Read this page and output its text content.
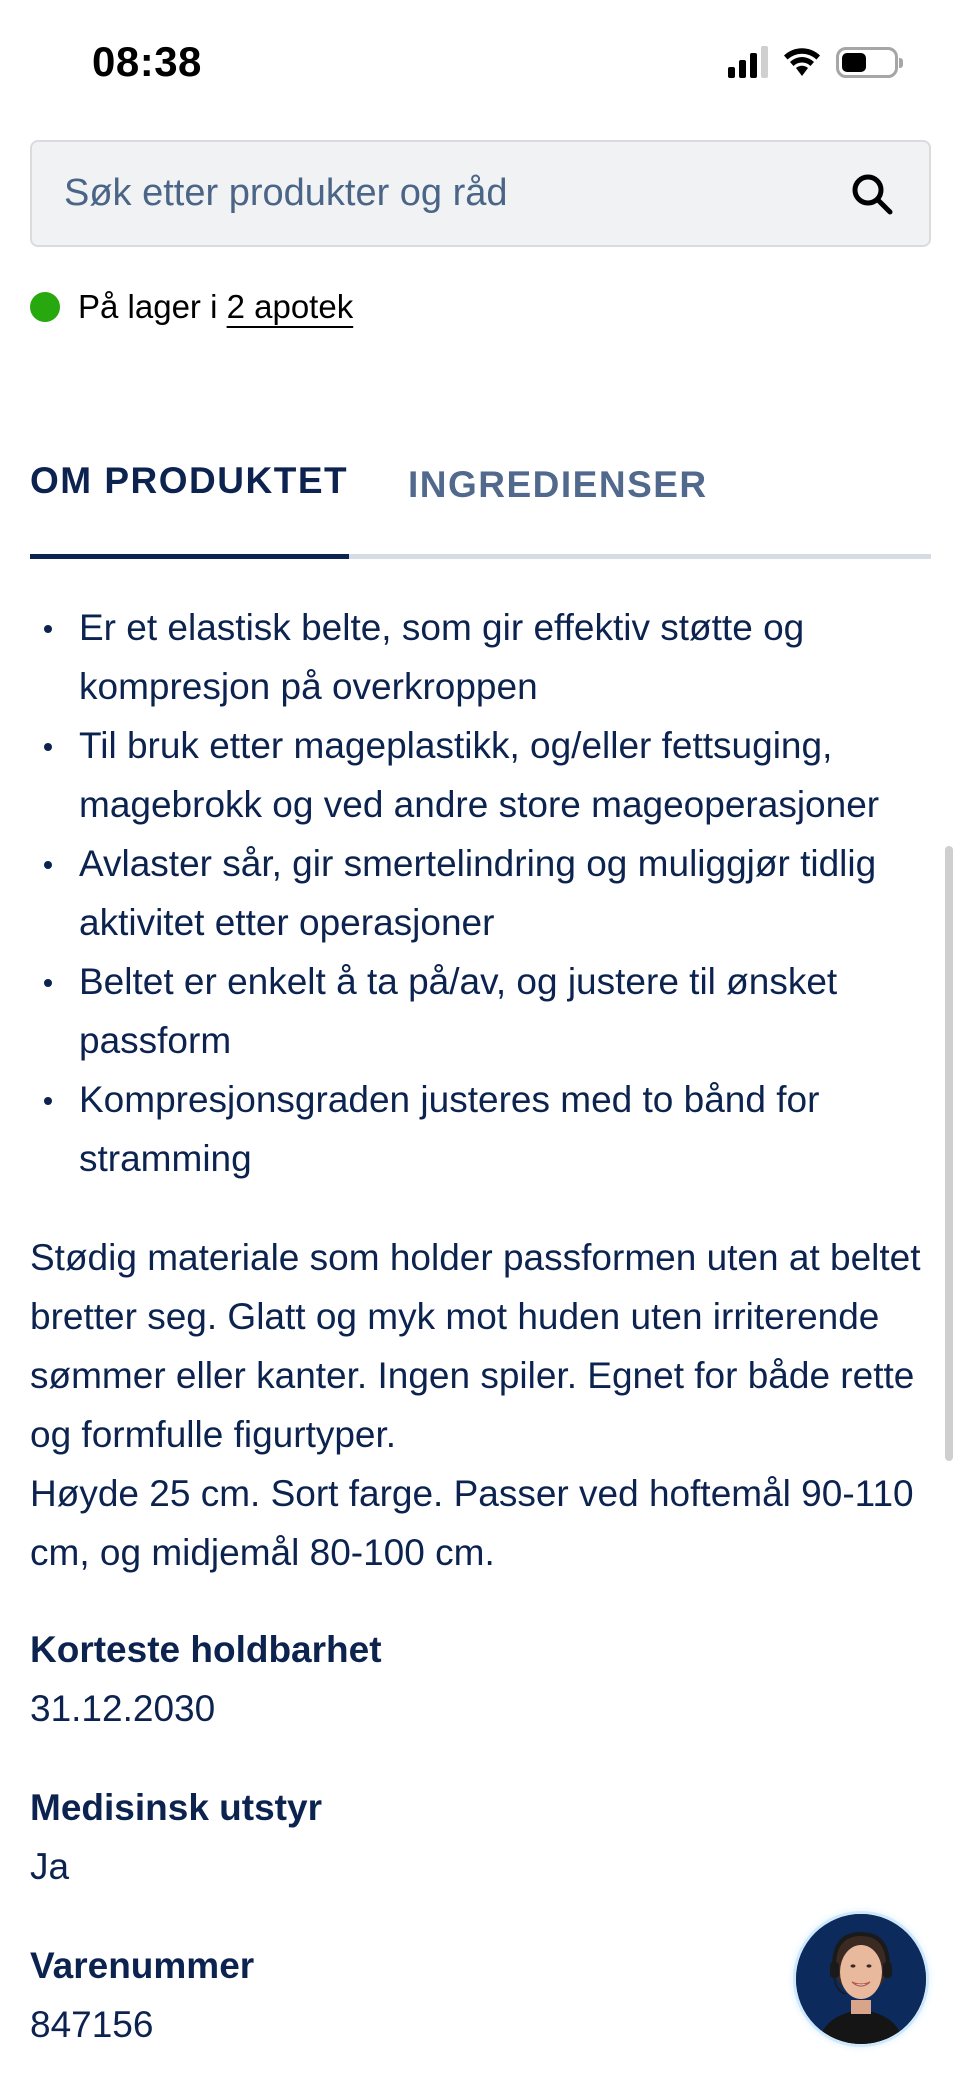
08:38
Søk etter produkter og råd
På lager i 2 apotek
OM PRODUKTET INGREDIENSER
Er et elastisk belte, som gir effektiv støtte og kompresjon på overkroppen
Til bruk etter mageplastikk, og/eller fettsuging, magebrokk og ved andre store mageoperasjoner
Avlaster sår, gir smertelindring og muliggjør tidlig aktivitet etter operasjoner
Beltet er enkelt å ta på/av, og justere til ønsket passform
Kompresjonsgraden justeres med to bånd for stramming

Stødig materiale som holder passformen uten at beltet bretter seg. Glatt og myk mot huden uten irriterende sømmer eller kanter. Ingen spiler. Egnet for både rette og formfulle figurtyper.

Høyde 25 cm. Sort farge. Passer ved hoftemål 90-110 cm, og midjemål 80-100 cm.

Korteste holdbarhet
31.12.2030
Medisinsk utstyr
Ja
Varenummer
847156
